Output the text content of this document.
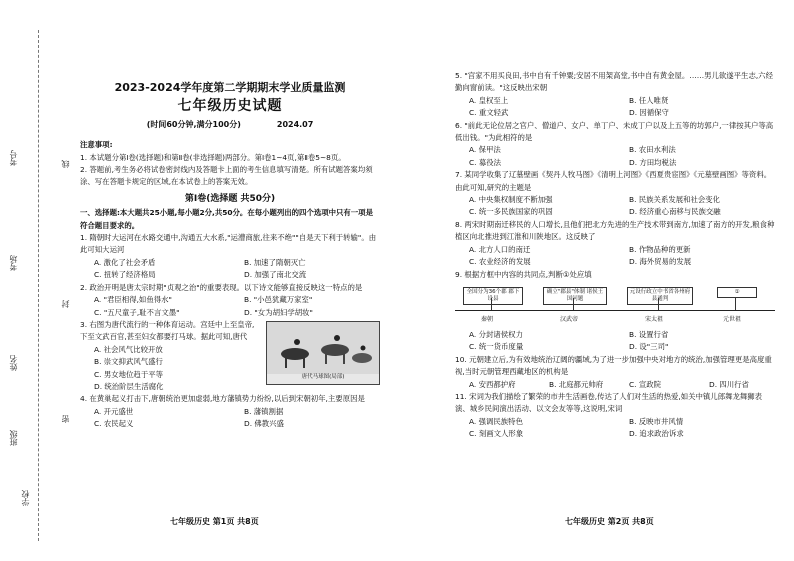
考号
考场
姓名
班级
学校
线
封
密
2023-2024学年度第二学期期末学业质量监测
七年级历史试题
(时间60分钟,满分100分)	2024.07

注意事项:

1. 本试题分第Ⅰ卷(选择题)和第Ⅱ卷(非选择题)两部分。第Ⅰ卷1~4页,第Ⅱ卷5~8页。

2. 答题前,考生务必将试卷密封线内及答题卡上面的考生信息填写清楚。所有试题答案均须涂、写在答题卡规定的区域,在本试卷上的答案无效。

第Ⅰ卷(选择题 共50分)

一、选择题:本大题共25小题,每小题2分,共50分。在每小题列出的四个选项中只有一项是符合题目要求的。

1. 隋朝时大运河在水路交通中,沟通五大水系,"运漕商旅,往来不绝""自是天下利于转输"。由此可知大运河

A. 激化了社会矛盾	B. 加速了隋朝灭亡
C. 扭转了经济格局	D. 加强了南北交流

2. 政治开明是唐太宗时期"贞观之治"的重要表现。以下诗文能够直接反映这一特点的是

A. "君臣相得,如鱼得水"	B. "小邑犹藏万家室"
C. "五尺童子,耻不言文墨"	D. "女为胡妇学胡妆"
唐代马球图(局部)

3. 右图为唐代流行的一种体育运动。宫廷中上至皇帝,下至文武百官,甚至妇女都要打马球。据此可知,唐代

A. 社会风气比较开放
B. 崇文抑武风气盛行
C. 男女地位趋于平等
D. 统治阶层生活腐化

4. 在黄巢起义打击下,唐朝统治更加虚弱,地方藩镇势力纷纷,以后到宋朝初年,主要原因是

A. 开元盛世	B. 藩镇割据
C. 农民起义	D. 佛教兴盛
七年级历史 第1页 共8页

5. "宫家不用买良田,书中自有千钟粟;安居不用架高堂,书中自有黄金屋。……男儿欲遂平生志,六经勤向窗前读。"这反映出宋朝

A. 皇权至上	B. 任人唯贤
C. 重文轻武	D. 因循保守

6. "前此无论位居之官户、僧道户、女户、单丁户、未成丁户以及上五等的坊郭户,一律按其户等高低出钱。"为此相符的是

A. 保甲法	B. 农田水利法
C. 募役法	D. 方田均税法

7. 某同学收集了辽墓壁画《契丹人牧马图》《清明上河图》《西夏贵宦图》《元墓壁画图》等资料。由此可知,研究的主题是

A. 中央集权制度不断加强	B. 民族关系发展和社会变化
C. 统一多民族国家的巩固	D. 经济重心南移与民族交融

8. 两宋时期南迁移民的人口增长,且他们把北方先进的生产技术带到南方,加速了南方的开发,粮食种植区向北推进到江淮和川陕地区。这反映了

A. 北方人口的南迁	B. 作物品种的更新
C. 农业经济的发展	D. 海外贸易的发展

9. 根据方框中内容的共同点,判断①处应填

全国分为36个郡 郡下设县
确立"郡县"体制 诸侯王国问题
元设行政立中书省各州府县通判
①
秦朝	汉武帝	宋太祖	元世祖
A. 分封诸侯权力	B. 设置行省
C. 统一货币度量	D. 设"三司"

10. 元朝建立后,为有效地统治辽阔的疆域,为了进一步加强中央对地方的统治,加强管理更是高度重视,当时元朝管理西藏地区的机构是

A. 安西都护府	B. 北庭都元帅府	C. 宣政院	D. 四川行省

11. 宋词为我们描绘了繁荣的市井生活画卷,传达了人们对生活的热爱,如关中镇儿郎舞龙舞狮表演、城乡民间演出活动、以文会友等等,这说明,宋词

A. 强调民族特色	B. 反映市井风情
C. 刻画文人形象	D. 追求政治诉求
七年级历史 第2页 共8页
